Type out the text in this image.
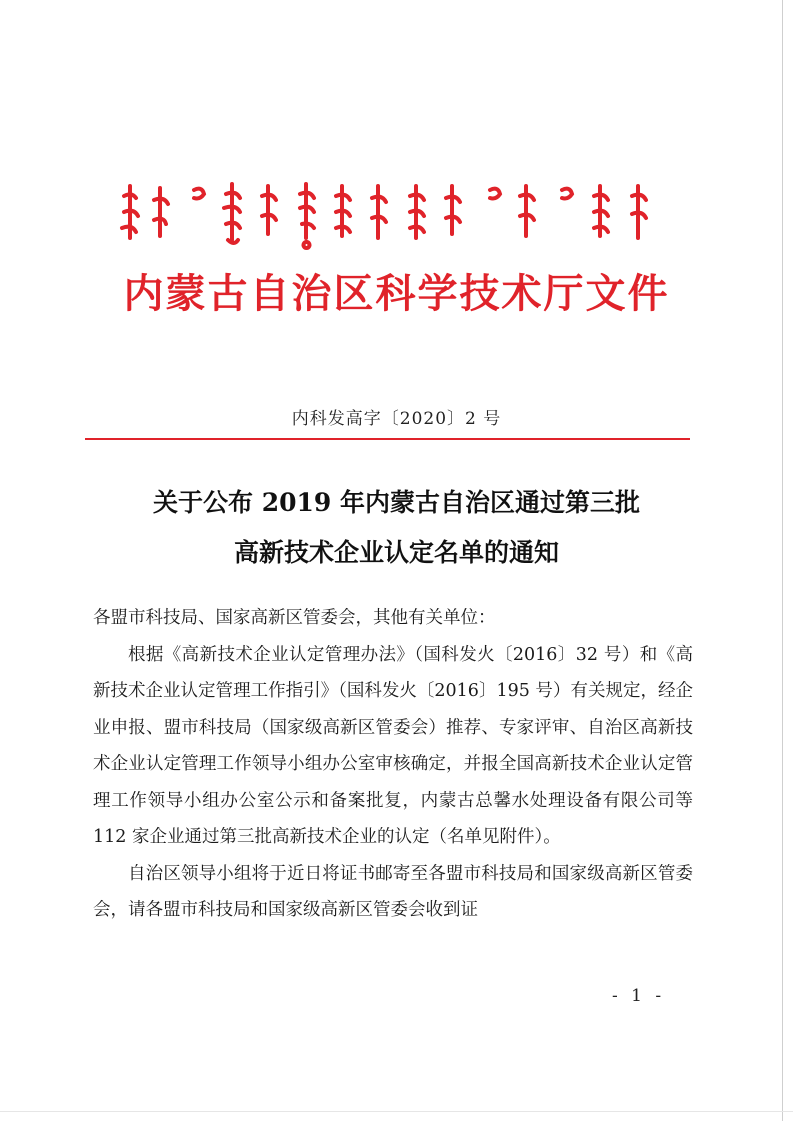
内蒙古自治区科学技术厅文件
内科发高字〔2020〕2 号
关于公布 2019 年内蒙古自治区通过第三批
高新技术企业认定名单的通知

各盟市科技局、国家高新区管委会，其他有关单位：

根据《高新技术企业认定管理办法》（国科发火〔2016〕32 号）和《高新技术企业认定管理工作指引》（国科发火〔2016〕195 号）有关规定，经企业申报、盟市科技局（国家级高新区管委会）推荐、专家评审、自治区高新技术企业认定管理工作领导小组办公室审核确定，并报全国高新技术企业认定管理工作领导小组办公室公示和备案批复，内蒙古总馨水处理设备有限公司等 112 家企业通过第三批高新技术企业的认定（名单见附件）。

自治区领导小组将于近日将证书邮寄至各盟市科技局和国家级高新区管委会，请各盟市科技局和国家级高新区管委会收到证

- 1 -
